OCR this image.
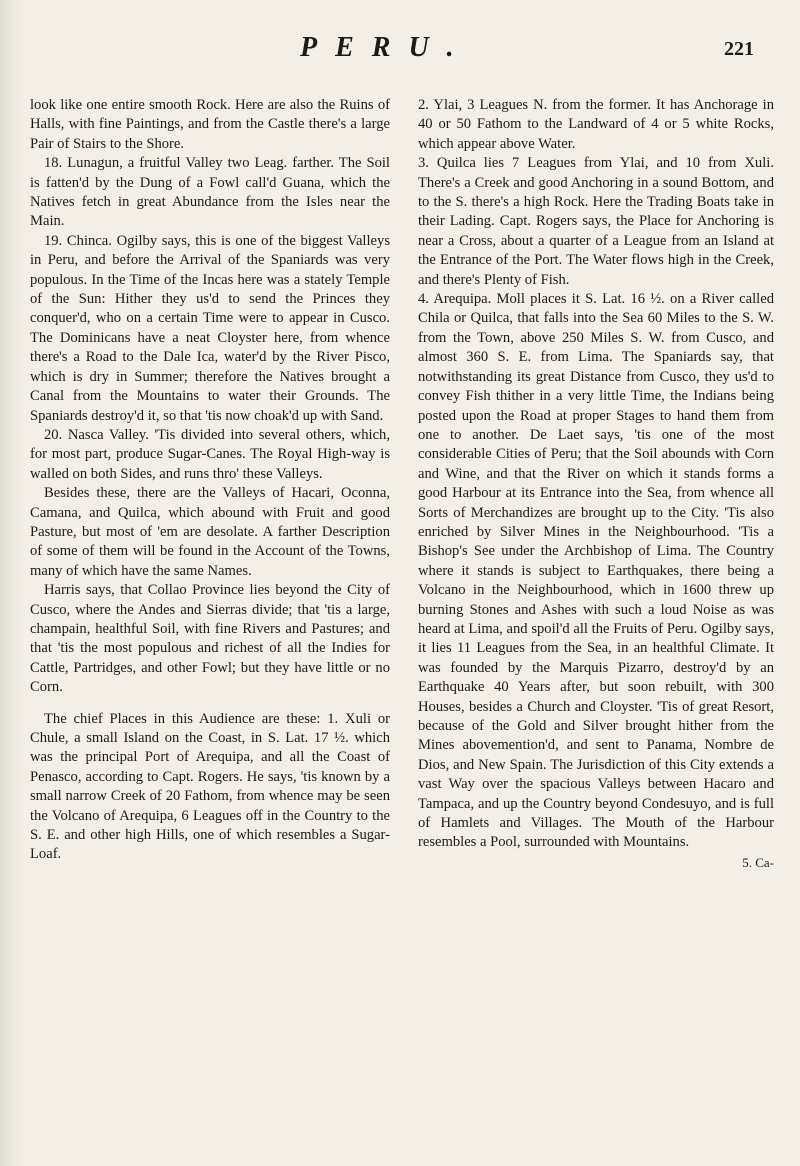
PERU.	221

look like one entire smooth Rock. Here are also the Ruins of Halls, with fine Paintings, and from the Castle there's a large Pair of Stairs to the Shore.

18. Lunagun, a fruitful Valley two Leag. farther. The Soil is fatten'd by the Dung of a Fowl call'd Guana, which the Natives fetch in great Abundance from the Isles near the Main.

19. Chinca. Ogilby says, this is one of the biggest Valleys in Peru, and before the Arrival of the Spaniards was very populous. In the Time of the Incas here was a stately Temple of the Sun: Hither they us'd to send the Princes they conquer'd, who on a certain Time were to appear in Cusco. The Dominicans have a neat Cloyster here, from whence there's a Road to the Dale Ica, water'd by the River Pisco, which is dry in Summer; therefore the Natives brought a Canal from the Mountains to water their Grounds. The Spaniards destroy'd it, so that 'tis now choak'd up with Sand.

20. Nasca Valley. 'Tis divided into several others, which, for most part, produce Sugar-Canes. The Royal High-way is walled on both Sides, and runs thro' these Valleys.

Besides these, there are the Valleys of Hacari, Oconna, Camana, and Quilca, which abound with Fruit and good Pasture, but most of 'em are desolate. A farther Description of some of them will be found in the Account of the Towns, many of which have the same Names.

Harris says, that Collao Province lies beyond the City of Cusco, where the Andes and Sierras divide; that 'tis a large, champain, healthful Soil, with fine Rivers and Pastures; and that 'tis the most populous and richest of all the Indies for Cattle, Partridges, and other Fowl; but they have little or no Corn.

The chief Places in this Audience are these: 1. Xuli or Chule, a small Island on the Coast, in S. Lat. 17 ½. which was the principal Port of Arequipa, and all the Coast of Penasco, according to Capt. Rogers. He says, 'tis known by a small narrow Creek of 20 Fathom, from whence may be seen the Volcano of Arequipa, 6 Leagues off in the Country to the S. E. and other high Hills, one of which resembles a Sugar-Loaf.

2. Ylai, 3 Leagues N. from the former. It has Anchorage in 40 or 50 Fathom to the Landward of 4 or 5 white Rocks, which appear above Water.

3. Quilca lies 7 Leagues from Ylai, and 10 from Xuli. There's a Creek and good Anchoring in a sound Bottom, and to the S. there's a high Rock. Here the Trading Boats take in their Lading. Capt. Rogers says, the Place for Anchoring is near a Cross, about a quarter of a League from an Island at the Entrance of the Port. The Water flows high in the Creek, and there's Plenty of Fish.

4. Arequipa. Moll places it S. Lat. 16 ½. on a River called Chila or Quilca, that falls into the Sea 60 Miles to the S. W. from the Town, above 250 Miles S. W. from Cusco, and almost 360 S. E. from Lima. The Spaniards say, that notwithstanding its great Distance from Cusco, they us'd to convey Fish thither in a very little Time, the Indians being posted upon the Road at proper Stages to hand them from one to another. De Laet says, 'tis one of the most considerable Cities of Peru; that the Soil abounds with Corn and Wine, and that the River on which it stands forms a good Harbour at its Entrance into the Sea, from whence all Sorts of Merchandizes are brought up to the City. 'Tis also enriched by Silver Mines in the Neighbourhood. 'Tis a Bishop's See under the Archbishop of Lima. The Country where it stands is subject to Earthquakes, there being a Volcano in the Neighbourhood, which in 1600 threw up burning Stones and Ashes with such a loud Noise as was heard at Lima, and spoil'd all the Fruits of Peru. Ogilby says, it lies 11 Leagues from the Sea, in an healthful Climate. It was founded by the Marquis Pizarro, destroy'd by an Earthquake 40 Years after, but soon rebuilt, with 300 Houses, besides a Church and Cloyster. 'Tis of great Resort, because of the Gold and Silver brought hither from the Mines abovemention'd, and sent to Panama, Nombre de Dios, and New Spain. The Jurisdiction of this City extends a vast Way over the spacious Valleys between Hacaro and Tampaca, and up the Country beyond Condesuyo, and is full of Hamlets and Villages. The Mouth of the Harbour resembles a Pool, surrounded with Mountains.

5. Ca-
